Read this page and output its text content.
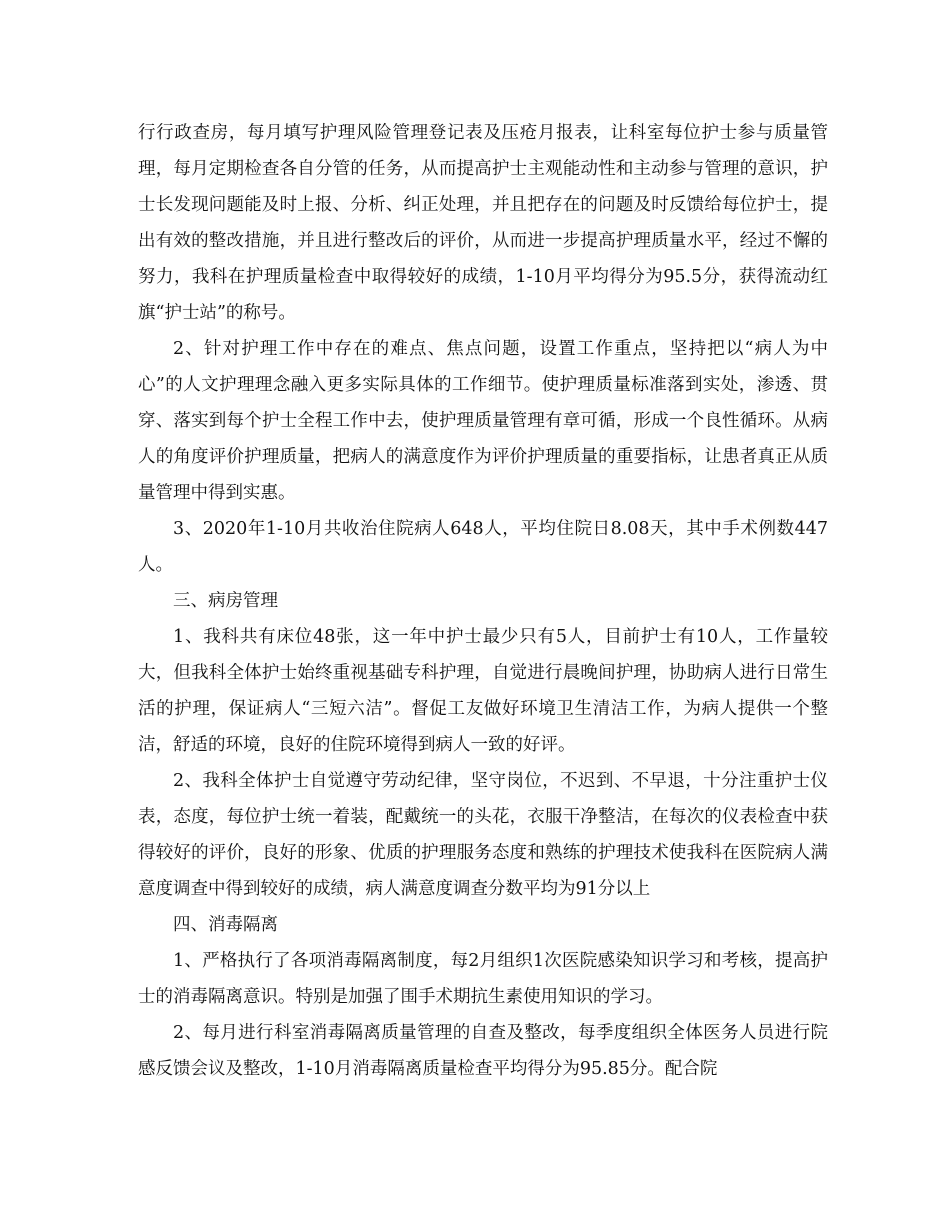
行行政查房，每月填写护理风险管理登记表及压疮月报表，让科室每位护士参与质量管理，每月定期检查各自分管的任务，从而提高护士主观能动性和主动参与管理的意识，护士长发现问题能及时上报、分析、纠正处理，并且把存在的问题及时反馈给每位护士，提出有效的整改措施，并且进行整改后的评价，从而进一步提高护理质量水平，经过不懈的努力，我科在护理质量检查中取得较好的成绩，1-10月平均得分为95.5分，获得流动红旗“护士站”的称号。

2、针对护理工作中存在的难点、焦点问题，设置工作重点，坚持把以“病人为中心”的人文护理理念融入更多实际具体的工作细节。使护理质量标准落到实处，渗透、贯穿、落实到每个护士全程工作中去，使护理质量管理有章可循，形成一个良性循环。从病人的角度评价护理质量，把病人的满意度作为评价护理质量的重要指标，让患者真正从质量管理中得到实惠。

3、2020年1-10月共收治住院病人648人，平均住院日8.08天，其中手术例数447人。

三、病房管理

1、我科共有床位48张，这一年中护士最少只有5人，目前护士有10人，工作量较大，但我科全体护士始终重视基础专科护理，自觉进行晨晚间护理，协助病人进行日常生活的护理，保证病人“三短六洁”。督促工友做好环境卫生清洁工作，为病人提供一个整洁，舒适的环境，良好的住院环境得到病人一致的好评。

2、我科全体护士自觉遵守劳动纪律，坚守岗位，不迟到、不早退，十分注重护士仪表，态度，每位护士统一着装，配戴统一的头花，衣服干净整洁，在每次的仪表检查中获得较好的评价，良好的形象、优质的护理服务态度和熟练的护理技术使我科在医院病人满意度调查中得到较好的成绩，病人满意度调查分数平均为91分以上

四、消毒隔离

1、严格执行了各项消毒隔离制度，每2月组织1次医院感染知识学习和考核，提高护士的消毒隔离意识。特别是加强了围手术期抗生素使用知识的学习。

2、每月进行科室消毒隔离质量管理的自查及整改，每季度组织全体医务人员进行院感反馈会议及整改，1-10月消毒隔离质量检查平均得分为95.85分。配合院
